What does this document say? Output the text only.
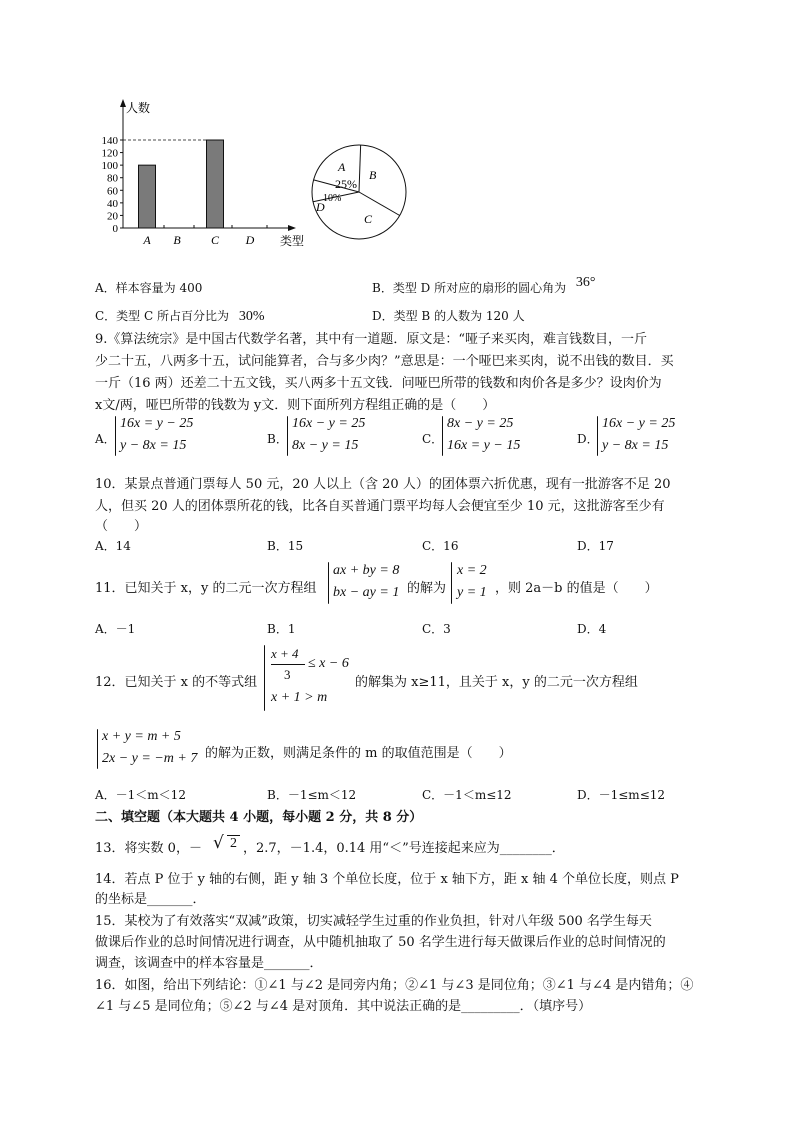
人数
类型
0
20
40
60
80
100
120
140
A B	C D
A
25%
B
C
10%
D
A．样本容量为 400	B．类型 D 所对应的扇形的圆心角为 36°
C．类型 C 所占百分比为 30%	D．类型 B 的人数为 120 人
9.《算法统宗》是中国古代数学名著，其中有一道题．原文是：“哑子来买肉，难言钱数目，一斤
少二十五，八两多十五，试问能算者，合与多少肉？”意思是：一个哑巴来买肉，说不出钱的数目．买
一斤（16 两）还差二十五文钱，买八两多十五文钱．问哑巴所带的钱数和肉价各是多少？设肉价为
x文/两，哑巴所带的钱数为 y文．则下面所列方程组正确的是（　　）
A．
16x = y − 25
y − 8x = 15	B．
16x − y = 25
8x − y = 15	C．
8x − y = 25
16x = y − 15	D．
16x − y = 25
y − 8x = 15
10．某景点普通门票每人 50 元，20 人以上（含 20 人）的团体票六折优惠，现有一批游客不足 20
人，但买 20 人的团体票所花的钱，比各自买普通门票平均每人会便宜至少 10 元，这批游客至少有
（　　）
A．14	B．15	C．16	D．17
11．已知关于 x，y 的二元一次方程组
ax + by = 8
bx − ay = 1 的解为
x = 2
y = 1 ，则 2a－b 的值是（　　）
A．－1	B．1	C．3	D．4
12．已知关于 x 的不等式组
x + 4
3
≤ x − 6
x + 1 > m
的解集为 x≥11，且关于 x，y 的二元一次方程组
x + y = m + 5
2x − y = −m + 7 的解为正数，则满足条件的 m 的取值范围是（　　）
A．－1＜m＜12	B．－1≤m＜12	C．－1＜m≤12	D．－1≤m≤12
二、填空题（本大题共 4 小题，每小题 2 分，共 8 分）
13．将实数 0，－ √ 2 ，2.7，－1.4，0.14 用“＜”号连接起来应为________．
14．若点 P 位于 y 轴的右侧，距 y 轴 3 个单位长度，位于 x 轴下方，距 x 轴 4 个单位长度，则点 P
的坐标是_______．
15．某校为了有效落实“双减”政策，切实减轻学生过重的作业负担，针对八年级 500 名学生每天
做课后作业的总时间情况进行调查，从中随机抽取了 50 名学生进行每天做课后作业的总时间情况的
调查，该调查中的样本容量是_______．
16．如图，给出下列结论：①∠1 与∠2 是同旁内角；②∠1 与∠3 是同位角；③∠1 与∠4 是内错角；④
∠1 与∠5 是同位角；⑤∠2 与∠4 是对顶角．其中说法正确的是_________．（填序号）
